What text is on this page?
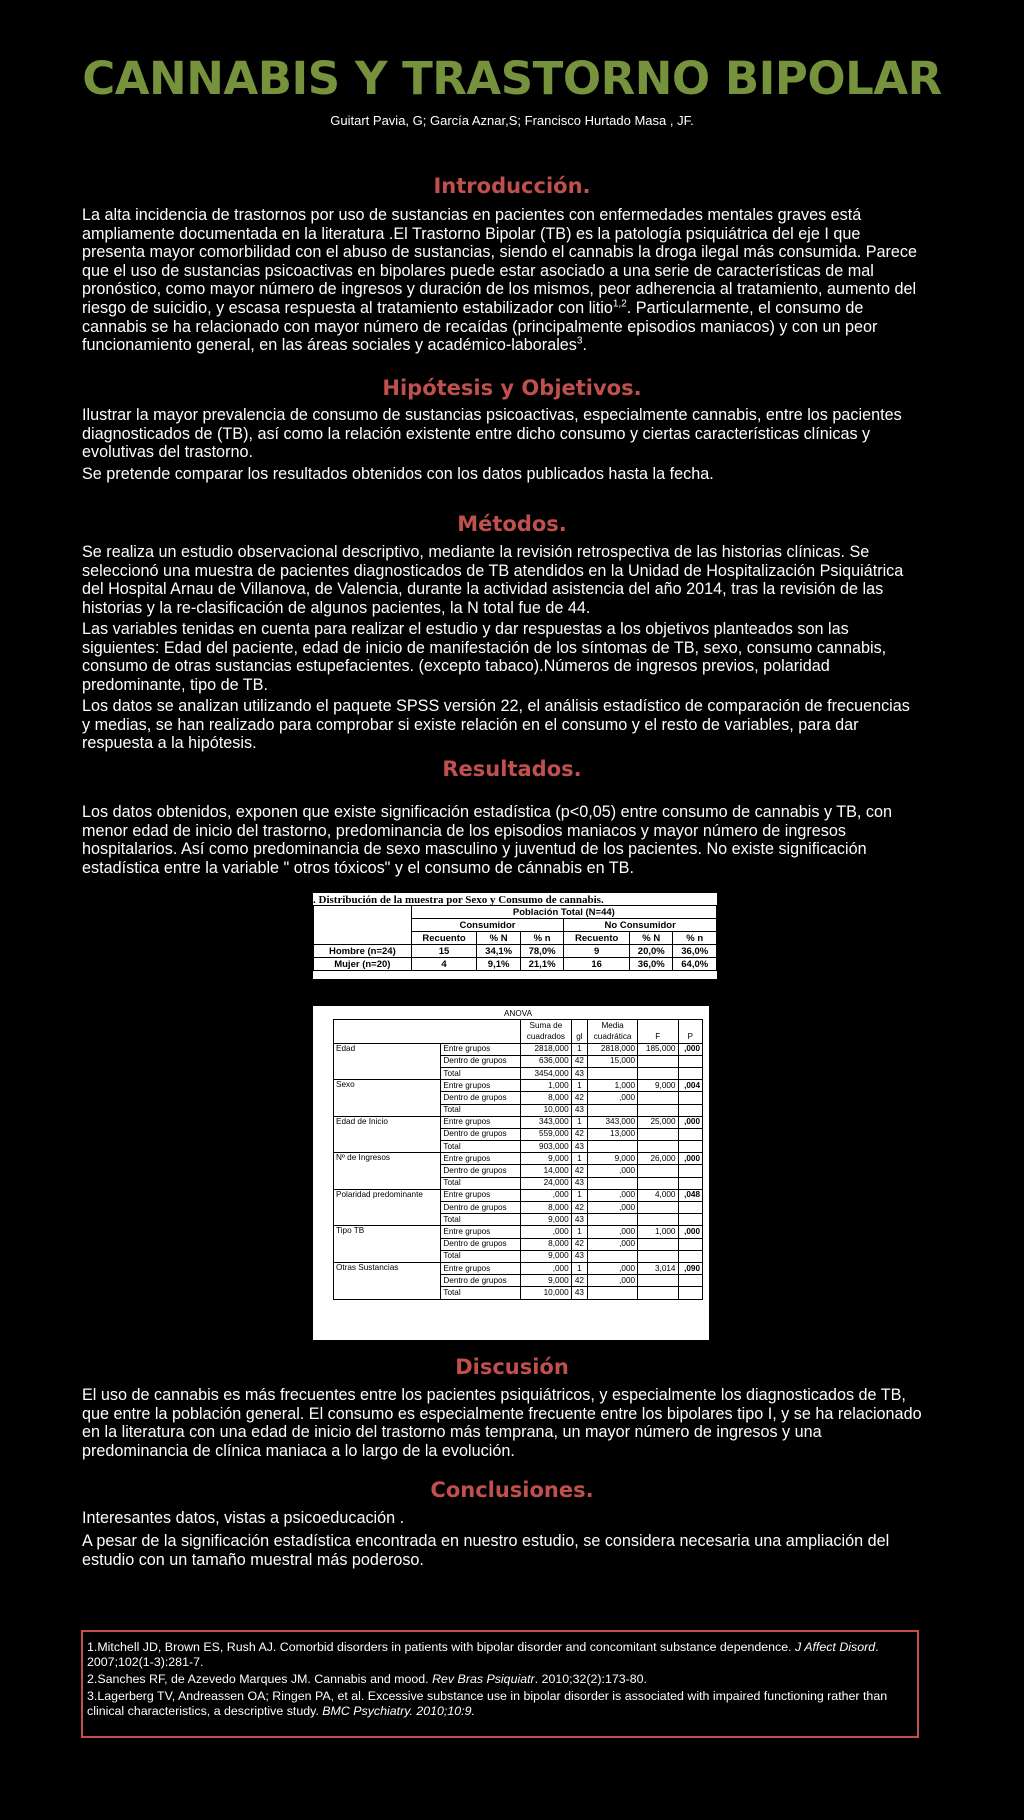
CANNABIS Y TRASTORNO BIPOLAR
Guitart Pavia, G; García Aznar,S; Francisco Hurtado Masa , JF.
Introducción.
La alta incidencia de trastornos por uso de sustancias en pacientes con enfermedades mentales graves está ampliamente documentada en la literatura .El Trastorno Bipolar (TB) es la patología psiquiátrica del eje I que presenta mayor comorbilidad con el abuso de sustancias, siendo el cannabis la droga ilegal más consumida. Parece que el uso de sustancias psicoactivas en bipolares puede estar asociado a una serie de características de mal pronóstico, como mayor número de ingresos y duración de los mismos, peor adherencia al tratamiento, aumento del riesgo de suicidio, y escasa respuesta al tratamiento estabilizador con litio$^{1,2}$. Particularmente, el consumo de cannabis se ha relacionado con mayor número de recaídas (principalmente episodios maniacos) y con un peor funcionamiento general, en las áreas sociales y académico-laborales$^3$.
Hipótesis y Objetivos.
Ilustrar la mayor prevalencia de consumo de sustancias psicoactivas, especialmente cannabis, entre los pacientes diagnosticados de (TB), así como la relación existente entre dicho consumo y ciertas características clínicas y evolutivas del trastorno.
Se pretende comparar los resultados obtenidos con los datos publicados hasta la fecha.
Métodos.
Se realiza un estudio observacional descriptivo, mediante la revisión retrospectiva de las historias clínicas. Se seleccionó una muestra de pacientes diagnosticados de TB atendidos en la Unidad de Hospitalización Psiquiátrica del Hospital Arnau de Villanova, de Valencia, durante la actividad asistencia del año 2014, tras la revisión de las historias y la re-clasificación de algunos pacientes, la N total fue de 44.
Las variables tenidas en cuenta para realizar el estudio y dar respuestas a los objetivos planteados son las siguientes: Edad del paciente, edad de inicio de manifestación de los síntomas de TB, sexo, consumo cannabis, consumo de otras sustancias estupefacientes. (excepto tabaco).Números de ingresos previos, polaridad predominante, tipo de TB.
Los datos se analizan utilizando el paquete SPSS versión 22, el análisis estadístico de comparación de frecuencias y medias, se han realizado para comprobar si existe relación en el consumo y el resto de variables, para dar respuesta a la hipótesis.
Resultados.
Los datos obtenidos, exponen que existe significación estadística (p<0,05) entre consumo de cannabis y TB, con menor edad de inicio del trastorno, predominancia de los episodios maniacos y mayor número de ingresos hospitalarios. Así como predominancia de sexo masculino y juventud de los pacientes. No existe significación estadística entre la variable " otros tóxicos" y el consumo de cánnabis en TB.
. Distribución de la muestra por Sexo y Consumo de cannabis.
	Población Total (N=44)					
	Consumidor			No Consumidor		
	Recuento	% N	% n	Recuento	% N	% n
Hombre (n=24)	15	34,1%	78,0%	9	20,0%	36,0%
Mujer (n=20)	4	9,1%	21,1%	16	36,0%	64,0%
ANOVA						
		Suma de		Media		
		cuadrados	gl	cuadrática	F	P
Edad	Entre grupos	2818,000	1	2818,000	185,000	,000
	Dentro de grupos	636,000	42	15,000		
	Total	3454,000	43			
Sexo	Entre grupos	1,000	1	1,000	9,000	,004
	Dentro de grupos	8,000	42	,000		
	Total	10,000	43			
Edad de Inicio	Entre grupos	343,000	1	343,000	25,000	,000
	Dentro de grupos	559,000	42	13,000		
	Total	903,000	43			
Nº de Ingresos	Entre grupos	9,000	1	9,000	26,000	,000
	Dentro de grupos	14,000	42	,000		
	Total	24,000	43			
Polaridad predominante	Entre grupos	,000	1	,000	4,000	,048
	Dentro de grupos	8,000	42	,000		
	Total	9,000	43			
Tipo TB	Entre grupos	,000	1	,000	1,000	,000
	Dentro de grupos	8,000	42	,000		
	Total	9,000	43			
Otras Sustancias	Entre grupos	,000	1	,000	3,014	,090
	Dentro de grupos	9,000	42	,000		
	Total	10,000	43			
Discusión
El uso de cannabis es más frecuentes entre los pacientes psiquiátricos, y especialmente los diagnosticados de TB, que entre la población general. El consumo es especialmente frecuente entre los bipolares tipo I, y se ha relacionado en la literatura con una edad de inicio del trastorno más temprana, un mayor número de ingresos y una predominancia de clínica maniaca a lo largo de la evolución.
Conclusiones.
Interesantes datos, vistas a psicoeducación .
A pesar de la significación estadística encontrada en nuestro estudio, se considera necesaria una ampliación del estudio con un tamaño muestral más poderoso.

1.Mitchell JD, Brown ES, Rush AJ. Comorbid disorders in patients with bipolar disorder and concomitant substance dependence. J Affect Disord. 2007;102(1-3):281-7.

2.Sanches RF, de Azevedo Marques JM. Cannabis and mood. Rev Bras Psiquiatr. 2010;32(2):173-80.

3.Lagerberg TV, Andreassen OA; Ringen PA, et al. Excessive substance use in bipolar disorder is associated with impaired functioning rather than clinical characteristics, a descriptive study. BMC Psychiatry. 2010;10:9.
